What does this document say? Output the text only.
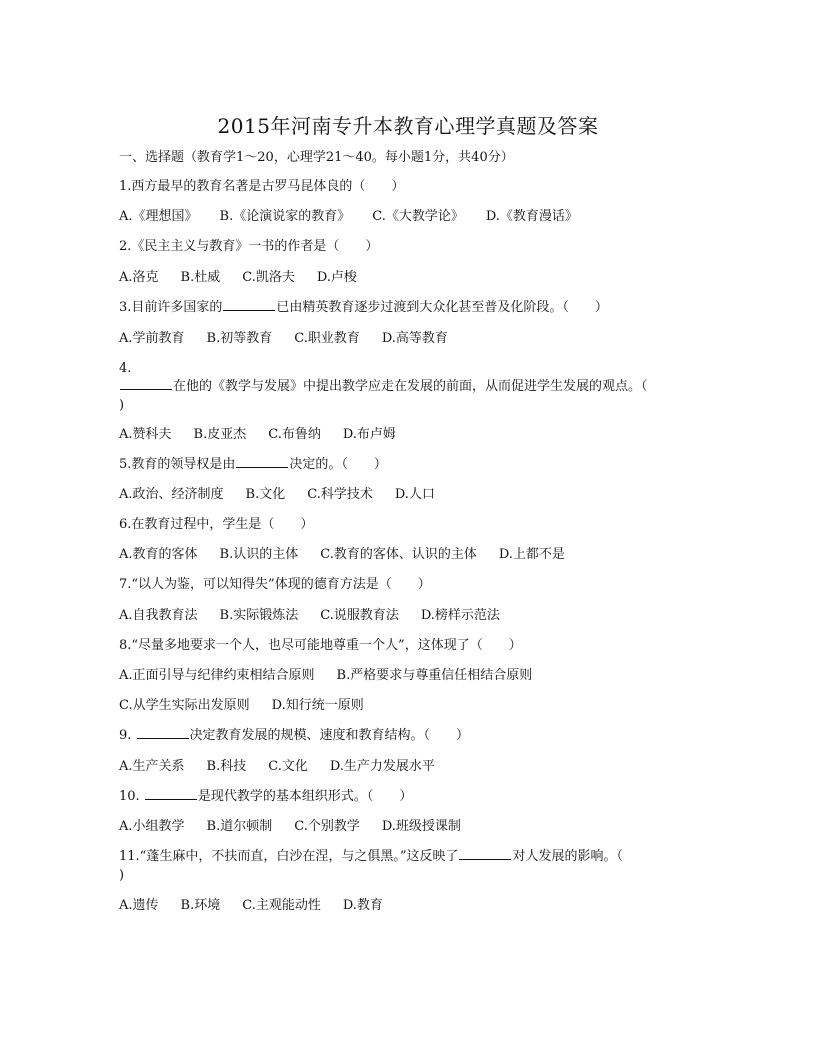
2015年河南专升本教育心理学真题及答案
一、选择题（教育学1～20，心理学21～40。每小题1分，共40分）
1.西方最早的教育名著是古罗马昆体良的（　　）
A.《理想国》 B.《论演说家的教育》 C.《大教学论》 D.《教育漫话》
2.《民主主义与教育》一书的作者是（　　）
A.洛克 B.杜威 C.凯洛夫 D.卢梭
3.目前许多国家的	已由精英教育逐步过渡到大众化甚至普及化阶段。（　　）
A.学前教育 B.初等教育 C.职业教育 D.高等教育
4.
在他的《教学与发展》中提出教学应走在发展的前面，从而促进学生发展的观点。（
)
A.赞科夫 B.皮亚杰 C.布鲁纳 D.布卢姆
5.教育的领导权是由	决定的。（　　）
A.政治、经济制度 B.文化 C.科学技术 D.人口
6.在教育过程中，学生是（　　）
A.教育的客体 B.认识的主体 C.教育的客体、认识的主体 D.上都不是
7.“以人为鉴，可以知得失”体现的德育方法是（　　）
A.自我教育法 B.实际锻炼法 C.说服教育法 D.榜样示范法
8.“尽量多地要求一个人，也尽可能地尊重一个人”，这体现了（　　）
A.正面引导与纪律约束相结合原则 B.严格要求与尊重信任相结合原则
C.从学生实际出发原则 D.知行统一原则
9.	决定教育发展的规模、速度和教育结构。（　　）
A.生产关系 B.科技 C.文化 D.生产力发展水平
10.	是现代教学的基本组织形式。（　　）
A.小组教学 B.道尔顿制 C.个别教学 D.班级授课制
11.“蓬生麻中，不扶而直，白沙在涅，与之俱黑。”这反映了	对人发展的影响。（
)
A.遗传 B.环境 C.主观能动性 D.教育
